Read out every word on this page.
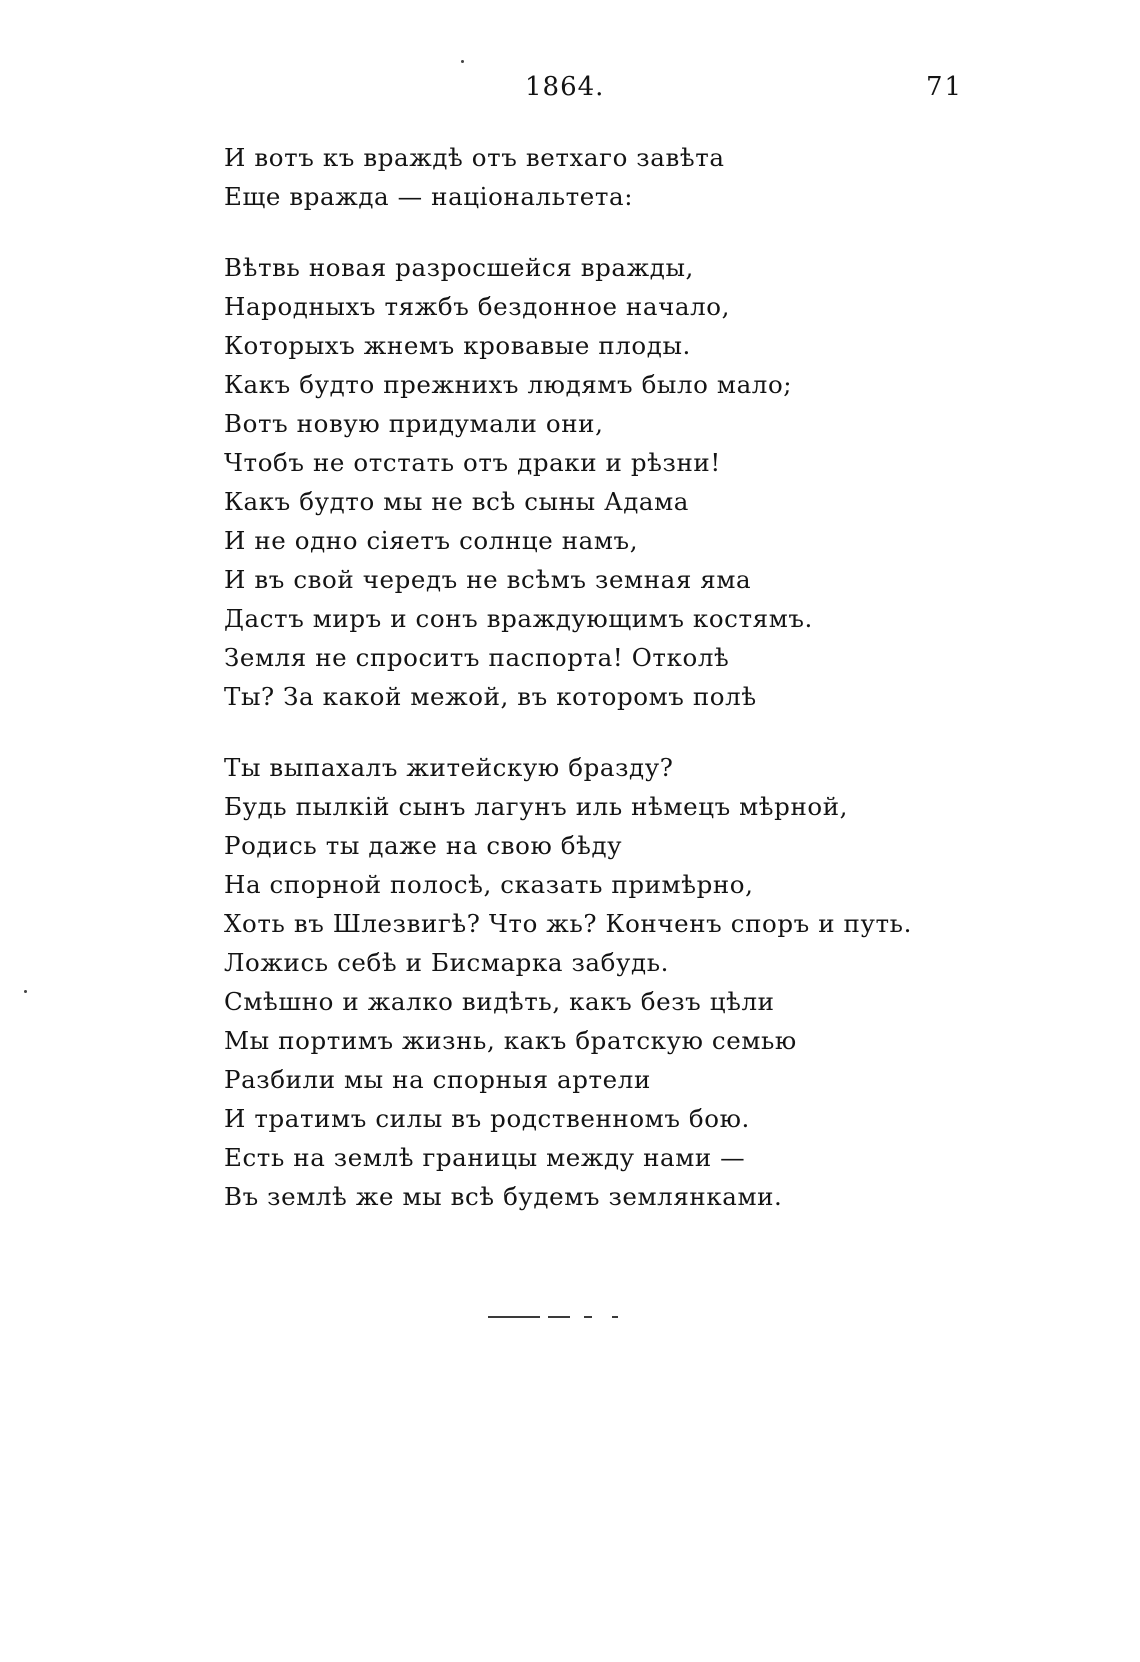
1864.	71

И вотъ къ враждѣ отъ ветхаго завѣта
Еще вражда — національтета:

Вѣтвь новая разросшейся вражды,
Народныхъ тяжбъ бездонное начало,
Которыхъ жнемъ кровавые плоды.
Какъ будто прежнихъ людямъ было мало;
Вотъ новую придумали они,
Чтобъ не отстать отъ драки и рѣзни!
Какъ будто мы не всѣ сыны Адама
И не одно сіяетъ солнце намъ,
И въ свой чередъ не всѣмъ земная яма
Дастъ миръ и сонъ враждующимъ костямъ.
Земля не спроситъ паспорта! Отколѣ
Ты? За какой межой, въ которомъ полѣ

Ты выпахалъ житейскую бразду?
Будь пылкій сынъ лагунъ иль нѣмецъ мѣрной,
Родись ты даже на свою бѣду
На спорной полосѣ, сказать примѣрно,
Хоть въ Шлезвигѣ? Что жь? Конченъ споръ и путь.
Ложись себѣ и Бисмарка забудь.
Смѣшно и жалко видѣть, какъ безъ цѣли
Мы портимъ жизнь, какъ братскую семью
Разбили мы на спорныя артели
И тратимъ силы въ родственномъ бою.
Есть на землѣ границы между нами —
Въ землѣ же мы всѣ будемъ землянками.
